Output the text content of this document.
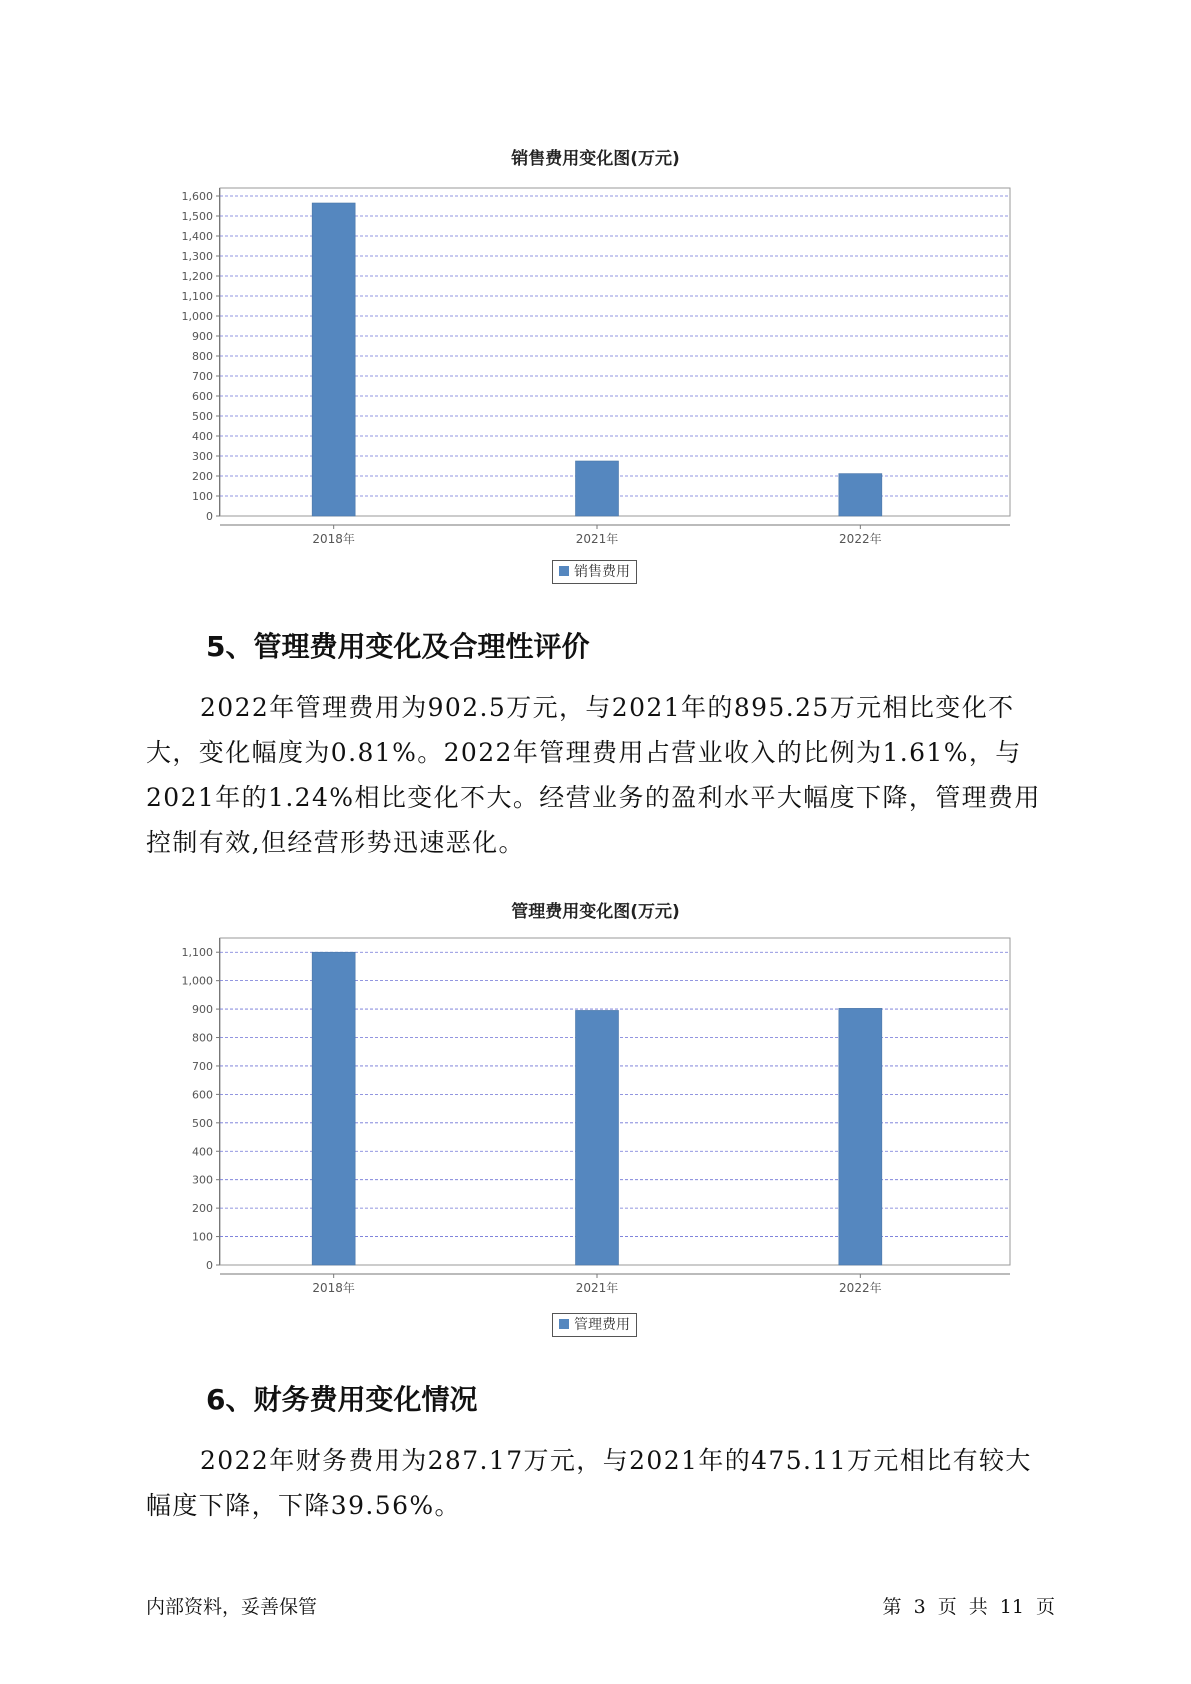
销售费用变化图(万元)
0
100
200
300
400
500
600
700
800
900
1,000
1,100
1,200
1,300
1,400
1,500
1,600
2018年	2021年	2022年
销售费用
5、管理费用变化及合理性评价

2022年管理费用为902.5万元，与2021年的895.25万元相比变化不大，变化幅度为0.81%。2022年管理费用占营业收入的比例为1.61%，与2021年的1.24%相比变化不大。经营业务的盈利水平大幅度下降，管理费用控制有效,但经营形势迅速恶化。

管理费用变化图(万元)
0
100
200
300
400
500
600
700
800
900
1,000
1,100
2018年	2021年	2022年
管理费用
6、财务费用变化情况

2022年财务费用为287.17万元，与2021年的475.11万元相比有较大幅度下降，下降39.56%。

内部资料，妥善保管	第 3 页 共 11 页
